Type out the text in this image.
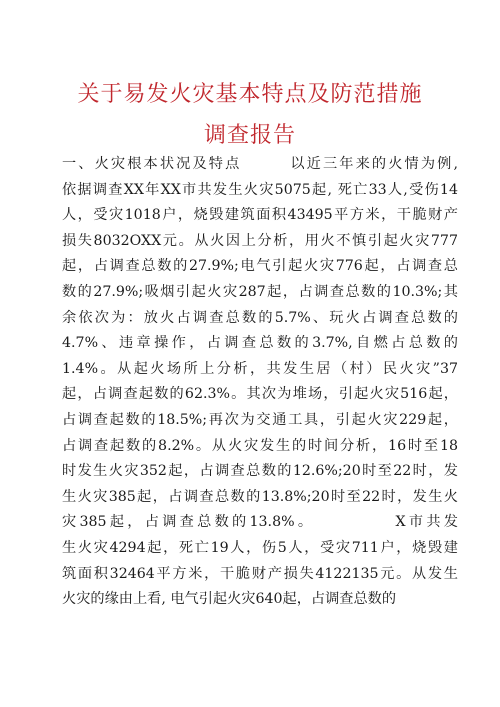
关于易发火灾基本特点及防范措施
调查报告
一、火灾根本状况及特点　　　以近三年来的火情为例,
依据调查XX年XX市共发生火灾5075起, 死亡33人,受伤14
人，受灾1018户，烧毁建筑面积43495平方米，干脆财产
损失8032OXX元。从火因上分析，用火不慎引起火灾777
起，占调查总数的27.9%;电气引起火灾776起，占调查总
数的27.9%;吸烟引起火灾287起，占调查总数的10.3%;其
余依次为：放火占调查总数的5.7%、玩火占调查总数的
4.7%、违章操作，占调查总数的3.7%,自燃占总数的
1.4%。从起火场所上分析，共发生居（村）民火灾”37
起，占调查起数的62.3%。其次为堆场，引起火灾516起，
占调查起数的18.5%;再次为交通工具，引起火灾229起，
占调查起数的8.2%。从火灾发生的时间分析，16时至18
时发生火灾352起，占调查总数的12.6%;20时至22时，发
生火灾385起，占调查总数的13.8%;20时至22时，发生火
灾385起，占调查总数的13.8%。　　　　　X市共发
生火灾4294起，死亡19人，伤5人，受灾711户，烧毁建
筑面积32464平方米，干脆财产损失4122135元。从发生
火灾的缘由上看, 电气引起火灾640起，占调查总数的
